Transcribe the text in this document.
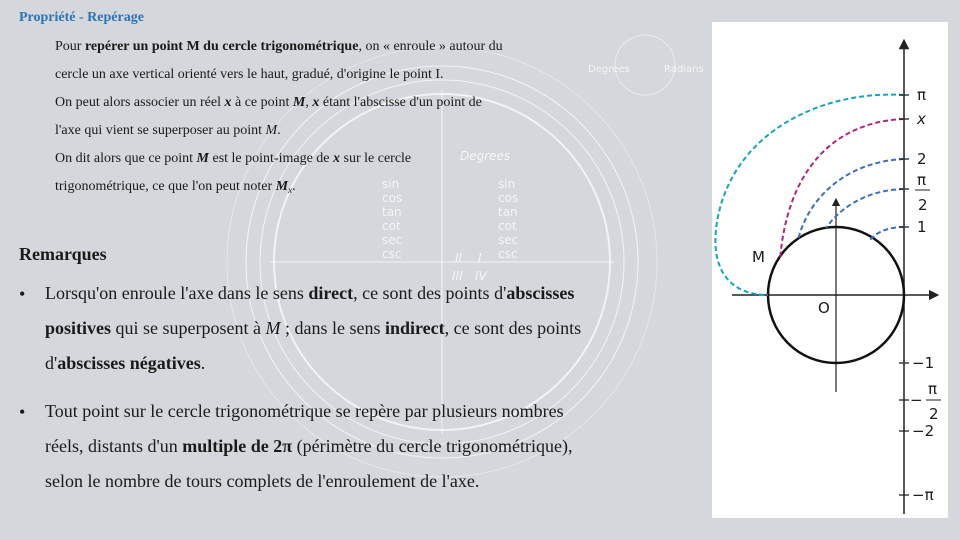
sin
cos
tan
cot
sec
csc
sin
cos
tan
cot
sec
csc
II I
III IV
Degrees	Radians
Degrees
Propriété - Repérage
Pour repérer un point M du cercle trigonométrique, on « enroule » autour du
cercle un axe vertical orienté vers le haut, gradué, d'origine le point I.
On peut alors associer un réel x à ce point M, x étant l'abscisse d'un point de
l'axe qui vient se superposer au point M.
On dit alors que ce point M est le point-image de x sur le cercle
trigonométrique, ce que l'on peut noter $M_x$.
Remarques
• Lorsqu'on enroule l'axe dans le sens direct, ce sont des points d'abscisses
positives qui se superposent à M ; dans le sens indirect, ce sont des points
d'abscisses négatives.
• Tout point sur le cercle trigonométrique se repère par plusieurs nombres
réels, distants d'un multiple de 2π (périmètre du cercle trigonométrique),
selon le nombre de tours complets de l'enroulement de l'axe.
π
x
2
π
2
1
M
O
−1
−
π
2
−2
−π
